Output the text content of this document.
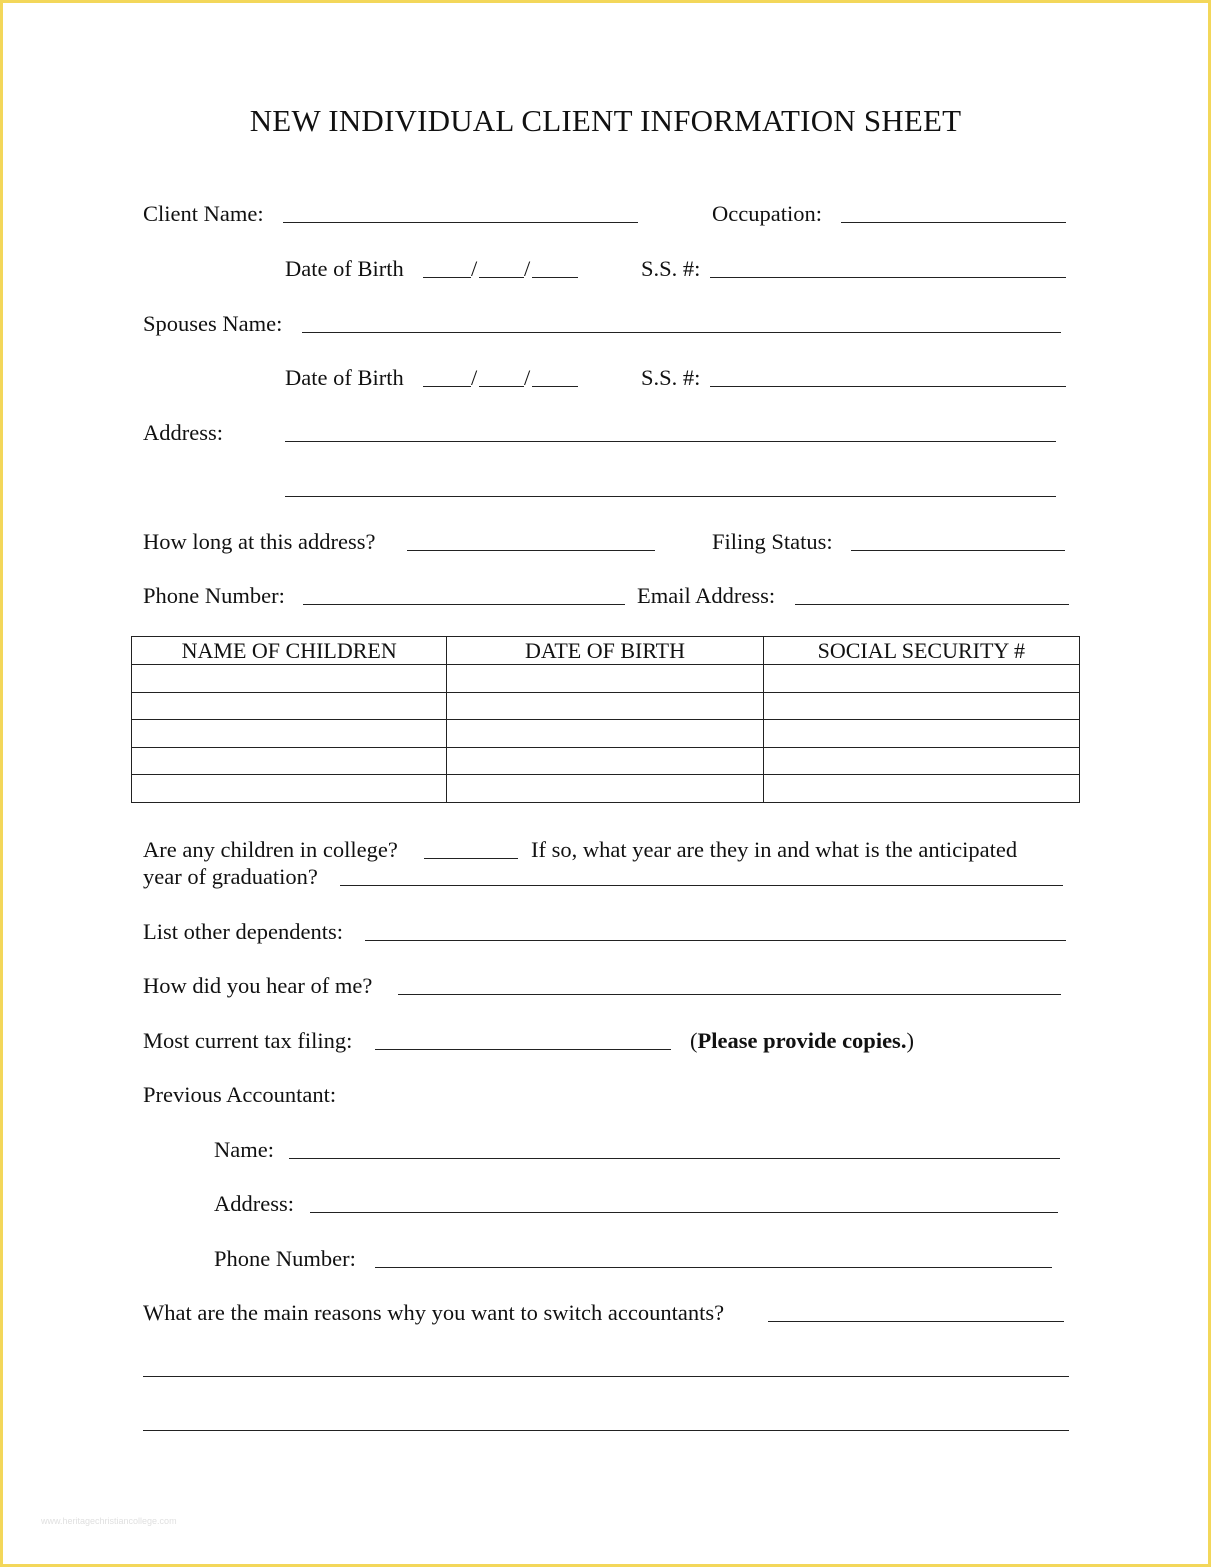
NEW INDIVIDUAL CLIENT INFORMATION SHEET
Client Name:	Occupation:
Date of Birth	/ /	S.S. #:
Spouses Name:
Date of Birth	/ /	S.S. #:
Address:
How long at this address?	Filing Status:
Phone Number:	Email Address:
NAME OF CHILDREN	DATE OF BIRTH	SOCIAL SECURITY #

Are any children in college?	If so, what year are they in and what is the anticipated
year of graduation?
List other dependents:
How did you hear of me?
Most current tax filing:	(Please provide copies.)
Previous Accountant:
Name:
Address:
Phone Number:
What are the main reasons why you want to switch accountants?
www.heritagechristiancollege.com
